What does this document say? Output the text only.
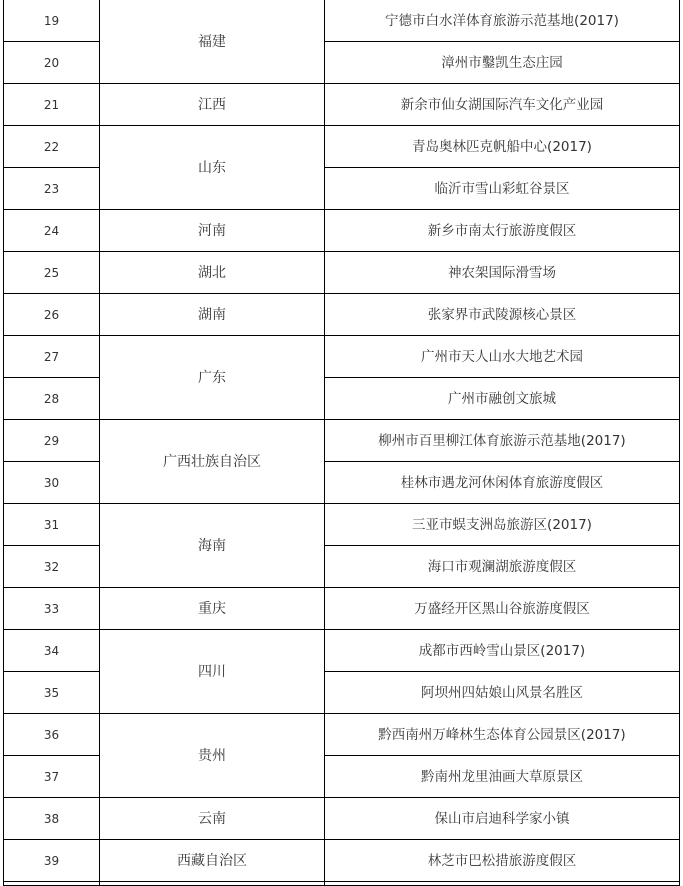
19	福建	宁德市白水洋体育旅游示范基地(2017)
20		漳州市鑿凯生态庄园
21	江西	新余市仙女湖国际汽车文化产业园
22	山东	青岛奥林匹克帆船中心(2017)
23		临沂市雪山彩虹谷景区
24	河南	新乡市南太行旅游度假区
25	湖北	神农架国际滑雪场
26	湖南	张家界市武陵源核心景区
27	广东	广州市天人山水大地艺术园
28		广州市融创文旅城
29	广西壮族自治区	柳州市百里柳江体育旅游示范基地(2017)
30		桂林市遇龙河休闲体育旅游度假区
31	海南	三亚市蜈支洲岛旅游区(2017)
32		海口市观澜湖旅游度假区
33	重庆	万盛经开区黑山谷旅游度假区
34	四川	成都市西岭雪山景区(2017)
35		阿坝州四姑娘山风景名胜区
36	贵州	黔西南州万峰林生态体育公园景区(2017)
37		黔南州龙里油画大草原景区
38	云南	保山市启迪科学家小镇
39	西藏自治区	林芝市巴松措旅游度假区
